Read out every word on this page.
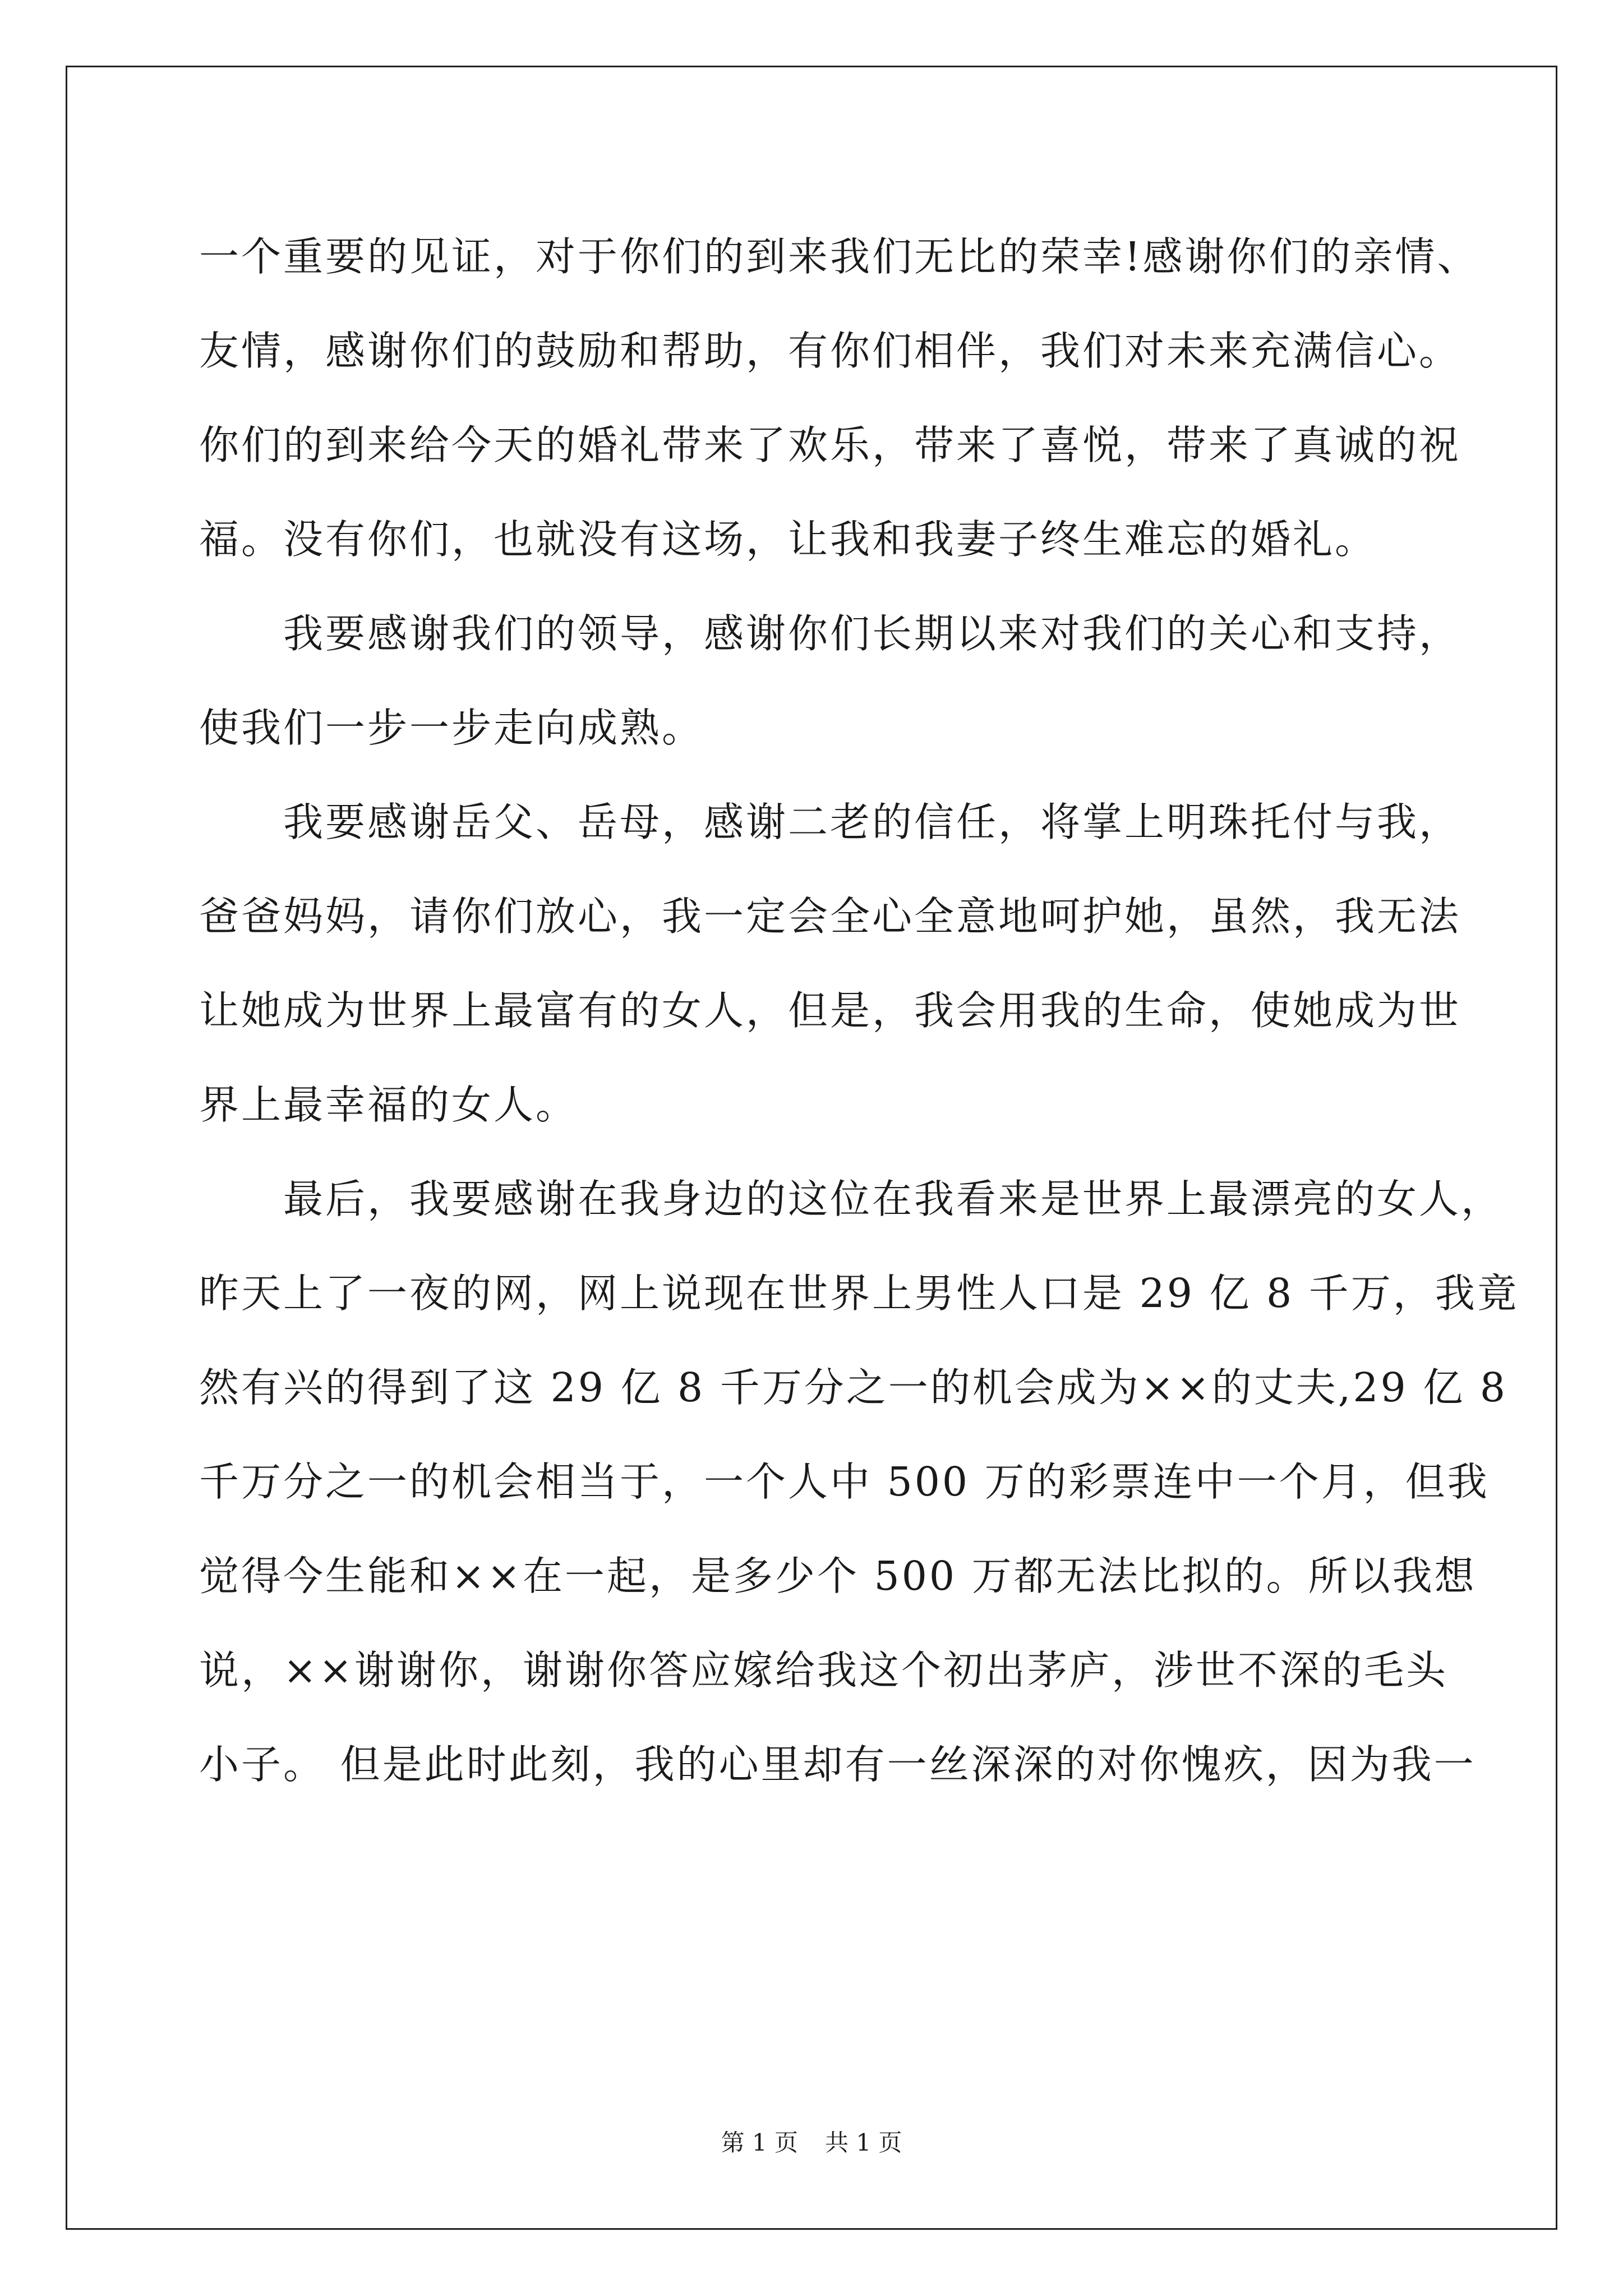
一个重要的见证，对于你们的到来我们无比的荣幸!感谢你们的亲情、
友情，感谢你们的鼓励和帮助，有你们相伴，我们对未来充满信心。
你们的到来给今天的婚礼带来了欢乐，带来了喜悦，带来了真诚的祝
福。没有你们，也就没有这场，让我和我妻子终生难忘的婚礼。
我要感谢我们的领导，感谢你们长期以来对我们的关心和支持，
使我们一步一步走向成熟。
我要感谢岳父、岳母，感谢二老的信任，将掌上明珠托付与我，
爸爸妈妈，请你们放心，我一定会全心全意地呵护她，虽然，我无法
让她成为世界上最富有的女人，但是，我会用我的生命，使她成为世
界上最幸福的女人。
最后，我要感谢在我身边的这位在我看来是世界上最漂亮的女人，
昨天上了一夜的网，网上说现在世界上男性人口是 29 亿 8 千万，我竟
然有兴的得到了这 29 亿 8 千万分之一的机会成为××的丈夫,29 亿 8
千万分之一的机会相当于，一个人中 500 万的彩票连中一个月，但我
觉得今生能和××在一起，是多少个 500 万都无法比拟的。所以我想
说，××谢谢你，谢谢你答应嫁给我这个初出茅庐，涉世不深的毛头
小子。 但是此时此刻，我的心里却有一丝深深的对你愧疚，因为我一
第 1 页 共 1 页
